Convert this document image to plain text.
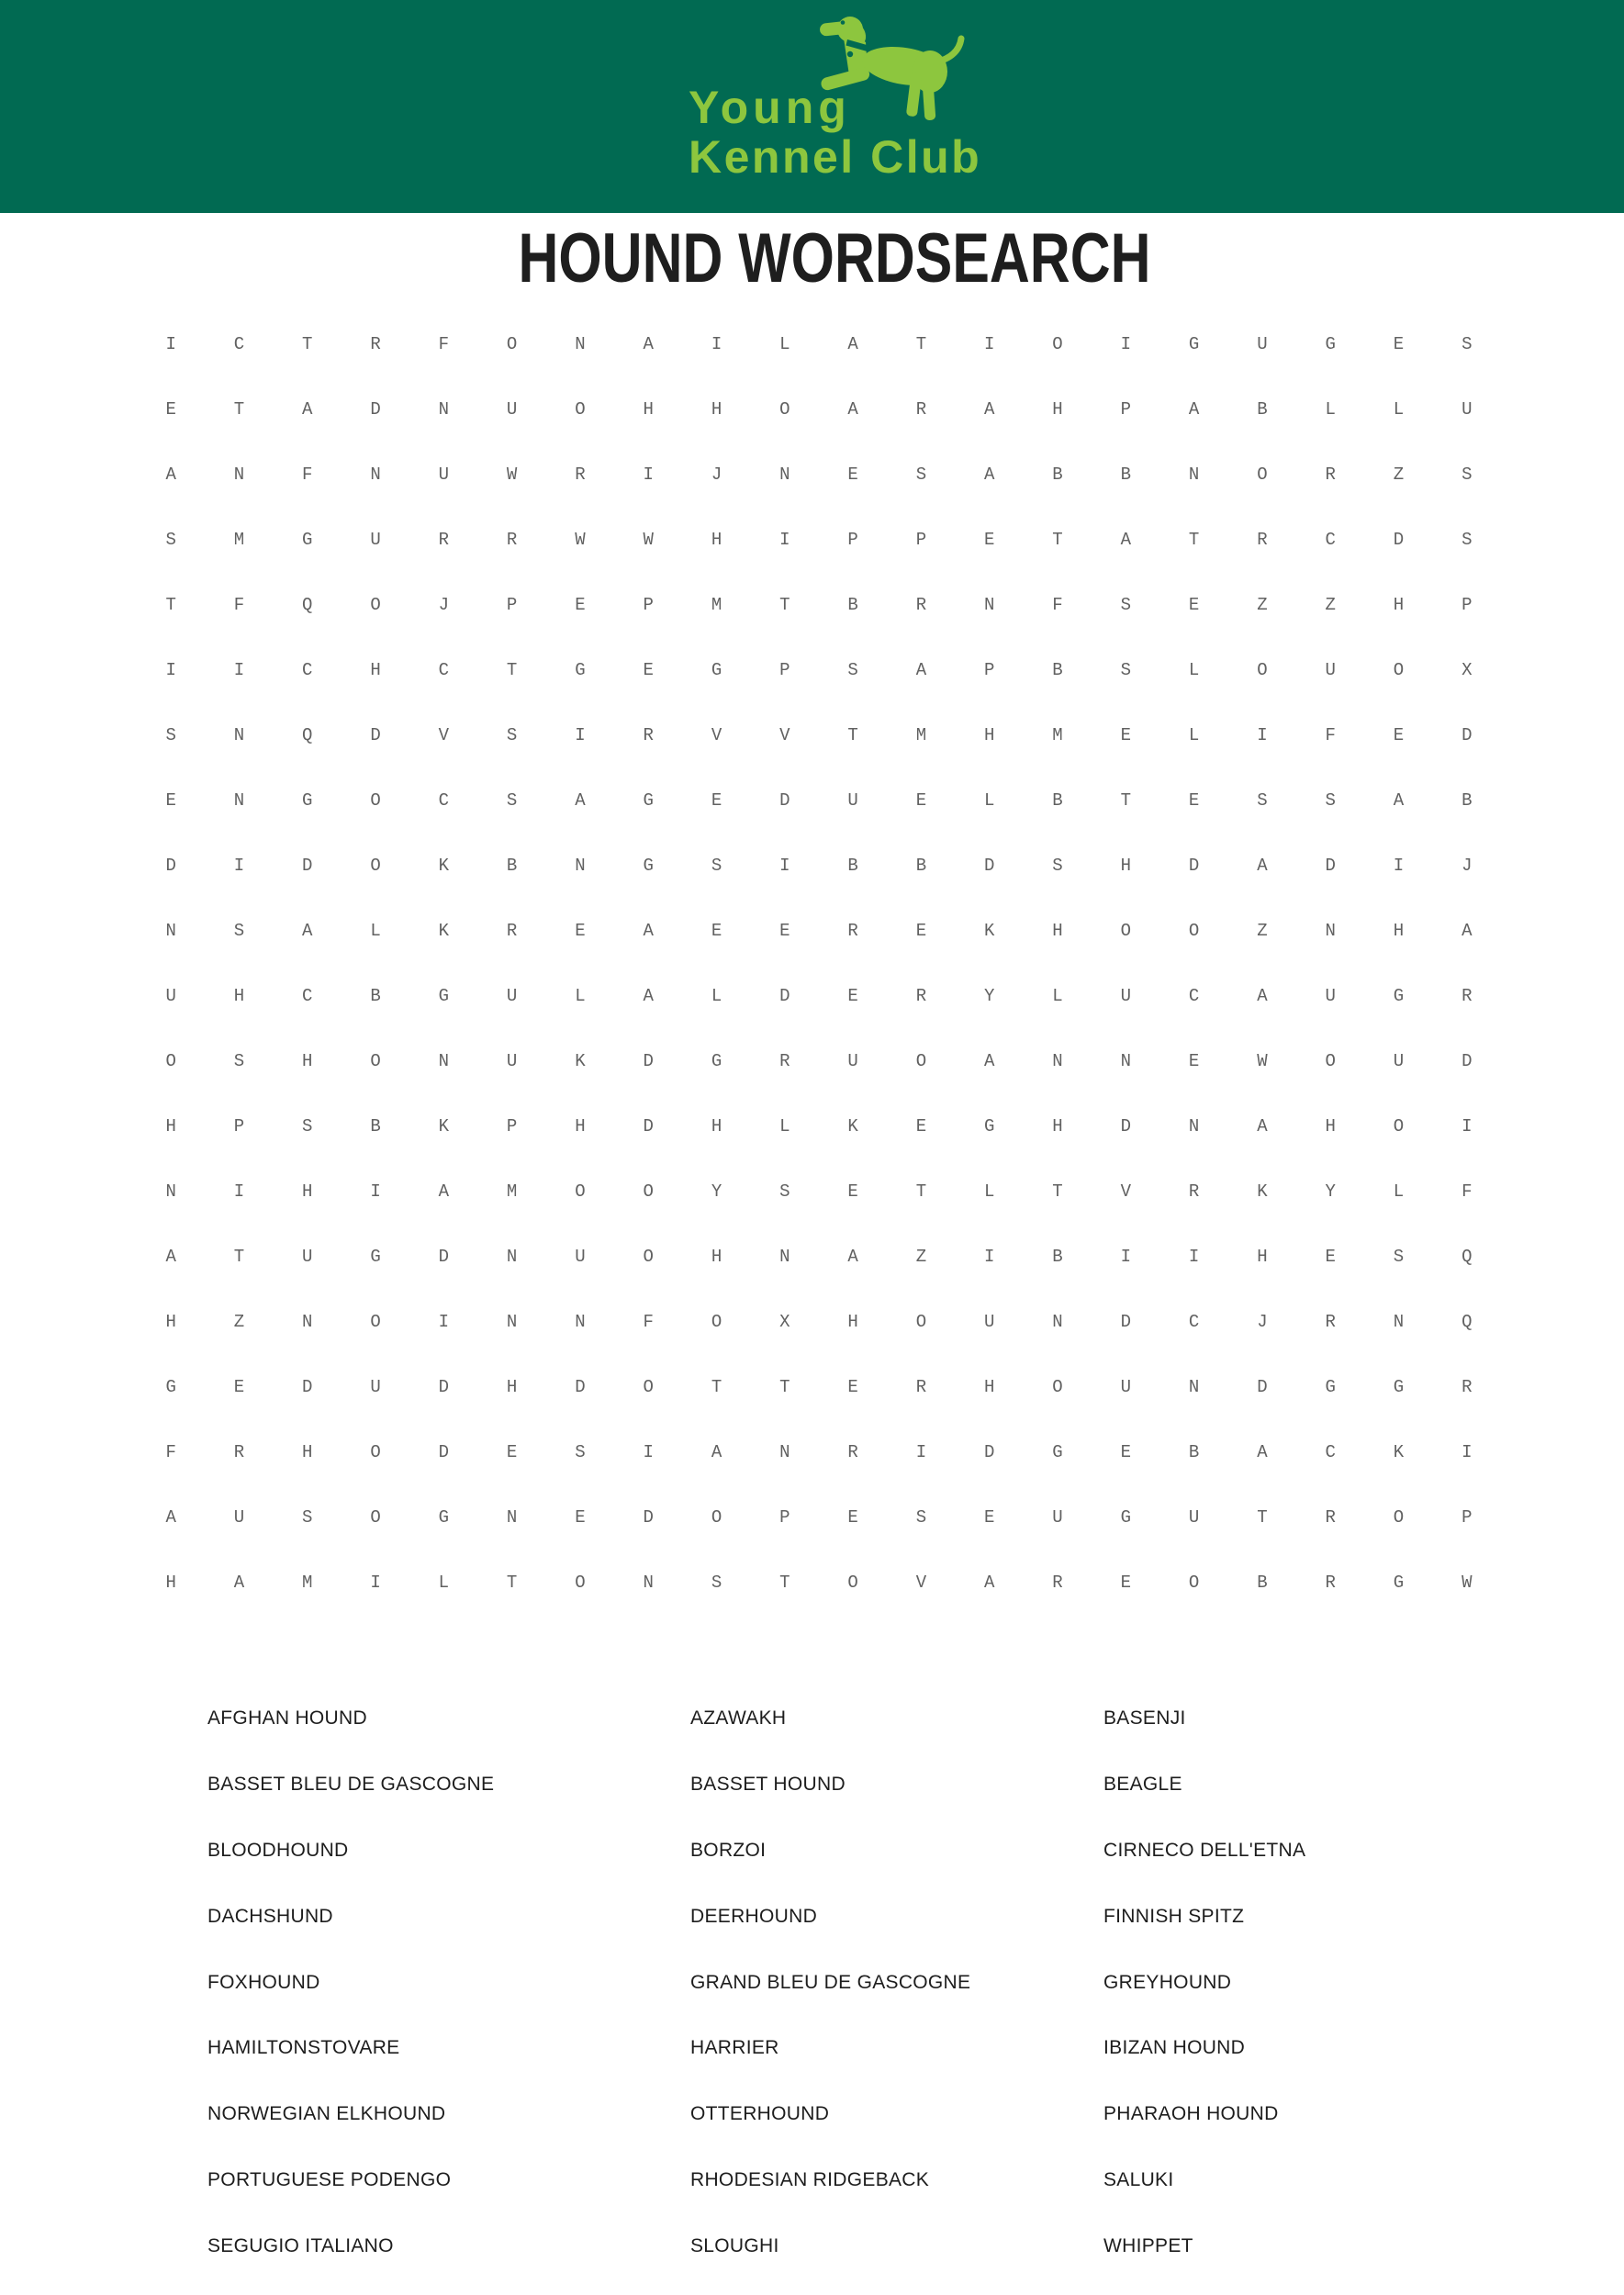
Young
Kennel Club
HOUND WORDSEARCH
I	C	T	R	F	O	N	A	I	L	A	T	I	O	I	G	U	G	E	S
E	T	A	D	N	U	O	H	H	O	A	R	A	H	P	A	B	L	L	U
A	N	F	N	U	W	R	I	J	N	E	S	A	B	B	N	O	R	Z	S
S	M	G	U	R	R	W	W	H	I	P	P	E	T	A	T	R	C	D	S
T	F	Q	O	J	P	E	P	M	T	B	R	N	F	S	E	Z	Z	H	P
I	I	C	H	C	T	G	E	G	P	S	A	P	B	S	L	O	U	O	X
S	N	Q	D	V	S	I	R	V	V	T	M	H	M	E	L	I	F	E	D
E	N	G	O	C	S	A	G	E	D	U	E	L	B	T	E	S	S	A	B
D	I	D	O	K	B	N	G	S	I	B	B	D	S	H	D	A	D	I	J
N	S	A	L	K	R	E	A	E	E	R	E	K	H	O	O	Z	N	H	A
U	H	C	B	G	U	L	A	L	D	E	R	Y	L	U	C	A	U	G	R
O	S	H	O	N	U	K	D	G	R	U	O	A	N	N	E	W	O	U	D
H	P	S	B	K	P	H	D	H	L	K	E	G	H	D	N	A	H	O	I
N	I	H	I	A	M	O	O	Y	S	E	T	L	T	V	R	K	Y	L	F
A	T	U	G	D	N	U	O	H	N	A	Z	I	B	I	I	H	E	S	Q
H	Z	N	O	I	N	N	F	O	X	H	O	U	N	D	C	J	R	N	Q
G	E	D	U	D	H	D	O	T	T	E	R	H	O	U	N	D	G	G	R
F	R	H	O	D	E	S	I	A	N	R	I	D	G	E	B	A	C	K	I
A	U	S	O	G	N	E	D	O	P	E	S	E	U	G	U	T	R	O	P
H	A	M	I	L	T	O	N	S	T	O	V	A	R	E	O	B	R	G	W
AFGHAN HOUND
BASSET BLEU DE GASCOGNE
BLOODHOUND
DACHSHUND
FOXHOUND
HAMILTONSTOVARE
NORWEGIAN ELKHOUND
PORTUGUESE PODENGO
SEGUGIO ITALIANO
AZAWAKH
BASSET HOUND
BORZOI
DEERHOUND
GRAND BLEU DE GASCOGNE
HARRIER
OTTERHOUND
RHODESIAN RIDGEBACK
SLOUGHI
BASENJI
BEAGLE
CIRNECO DELL'ETNA
FINNISH SPITZ
GREYHOUND
IBIZAN HOUND
PHARAOH HOUND
SALUKI
WHIPPET
